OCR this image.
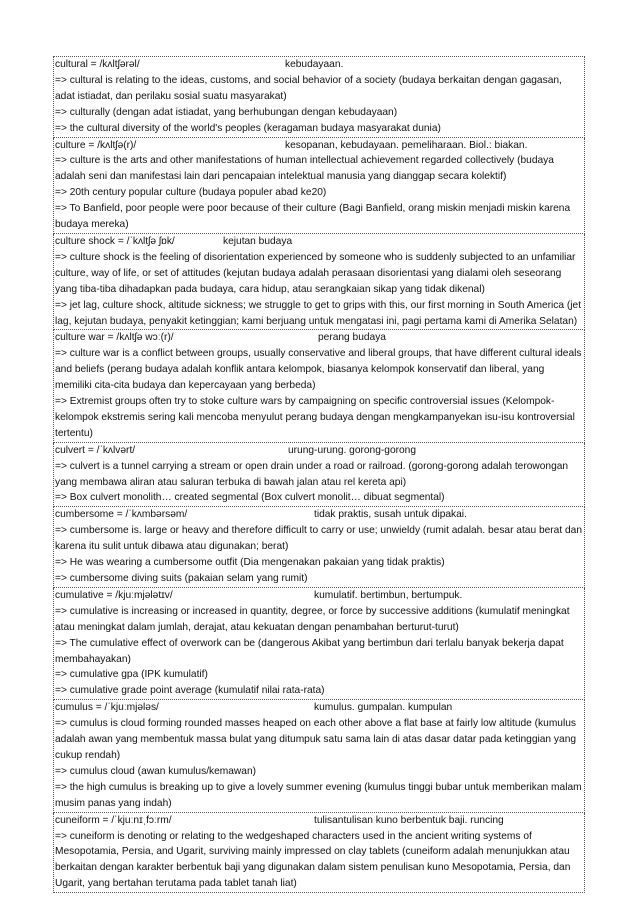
cultural = /kʌltʃərəl/	kebudayaan.

=> cultural is relating to the ideas, customs, and social behavior of a society (budaya berkaitan dengan gagasan, adat istiadat, dan perilaku sosial suatu masyarakat)

=> culturally (dengan adat istiadat, yang berhubungan dengan kebudayaan)

=> the cultural diversity of the world's peoples (keragaman budaya masyarakat dunia)

culture = /kʌltʃə(r)/	kesopanan, kebudayaan. pemeliharaan. Biol.: biakan.

=> culture is the arts and other manifestations of human intellectual achievement regarded collectively (budaya adalah seni dan manifestasi lain dari pencapaian intelektual manusia yang dianggap secara kolektif)

=> 20th century popular culture (budaya populer abad ke20)

=> To Banfield, poor people were poor because of their culture (Bagi Banfield, orang miskin menjadi miskin karena budaya mereka)

culture shock = /ˈkʌltʃə ʃɒk/	kejutan budaya

=> culture shock is the feeling of disorientation experienced by someone who is suddenly subjected to an unfamiliar culture, way of life, or set of attitudes (kejutan budaya adalah perasaan disorientasi yang dialami oleh seseorang yang tiba-tiba dihadapkan pada budaya, cara hidup, atau serangkaian sikap yang tidak dikenal)

=> jet lag, culture shock, altitude sickness; we struggle to get to grips with this, our first morning in South America (jet lag, kejutan budaya, penyakit ketinggian; kami berjuang untuk mengatasi ini, pagi pertama kami di Amerika Selatan)

culture war = /kʌltʃə wɔː(r)/	perang budaya

=> culture war is a conflict between groups, usually conservative and liberal groups, that have different cultural ideals and beliefs (perang budaya adalah konflik antara kelompok, biasanya kelompok konservatif dan liberal, yang memiliki cita-cita budaya dan kepercayaan yang berbeda)

=> Extremist groups often try to stoke culture wars by campaigning on specific controversial issues (Kelompok-kelompok ekstremis sering kali mencoba menyulut perang budaya dengan mengkampanyekan isu-isu kontroversial tertentu)

culvert = /ˈkʌlvərt/	urung-urung. gorong-gorong

=> culvert is a tunnel carrying a stream or open drain under a road or railroad. (gorong-gorong adalah terowongan yang membawa aliran atau saluran terbuka di bawah jalan atau rel kereta api)

=> Box culvert monolith… created segmental (Box culvert monolit… dibuat segmental)

cumbersome = /ˈkʌmbərsəm/	tidak praktis, susah untuk dipakai.

=> cumbersome is. large or heavy and therefore difficult to carry or use; unwieldy (rumit adalah. besar atau berat dan karena itu sulit untuk dibawa atau digunakan; berat)

=> He was wearing a cumbersome outfit (Dia mengenakan pakaian yang tidak praktis)

=> cumbersome diving suits (pakaian selam yang rumit)

cumulative = /kjuːmjələtɪv/	kumulatif. bertimbun, bertumpuk.

=> cumulative is increasing or increased in quantity, degree, or force by successive additions (kumulatif meningkat atau meningkat dalam jumlah, derajat, atau kekuatan dengan penambahan berturut-turut)

=> The cumulative effect of overwork can be (dangerous Akibat yang bertimbun dari terlalu banyak bekerja dapat membahayakan)

=> cumulative gpa (IPK kumulatif)

=> cumulative grade point average (kumulatif nilai rata-rata)

cumulus = /ˈkjuːmjələs/	kumulus. gumpalan. kumpulan

=> cumulus is cloud forming rounded masses heaped on each other above a flat base at fairly low altitude (kumulus adalah awan yang membentuk massa bulat yang ditumpuk satu sama lain di atas dasar datar pada ketinggian yang cukup rendah)

=> cumulus cloud (awan kumulus/kemawan)

=> the high cumulus is breaking up to give a lovely summer evening (kumulus tinggi bubar untuk memberikan malam musim panas yang indah)

cuneiform = /ˈkjuːnɪˌfɔːrm/	tulisantulisan kuno berbentuk baji. runcing

=> cuneiform is denoting or relating to the wedgeshaped characters used in the ancient writing systems of Mesopotamia, Persia, and Ugarit, surviving mainly impressed on clay tablets (cuneiform adalah menunjukkan atau berkaitan dengan karakter berbentuk baji yang digunakan dalam sistem penulisan kuno Mesopotamia, Persia, dan Ugarit, yang bertahan terutama pada tablet tanah liat)
